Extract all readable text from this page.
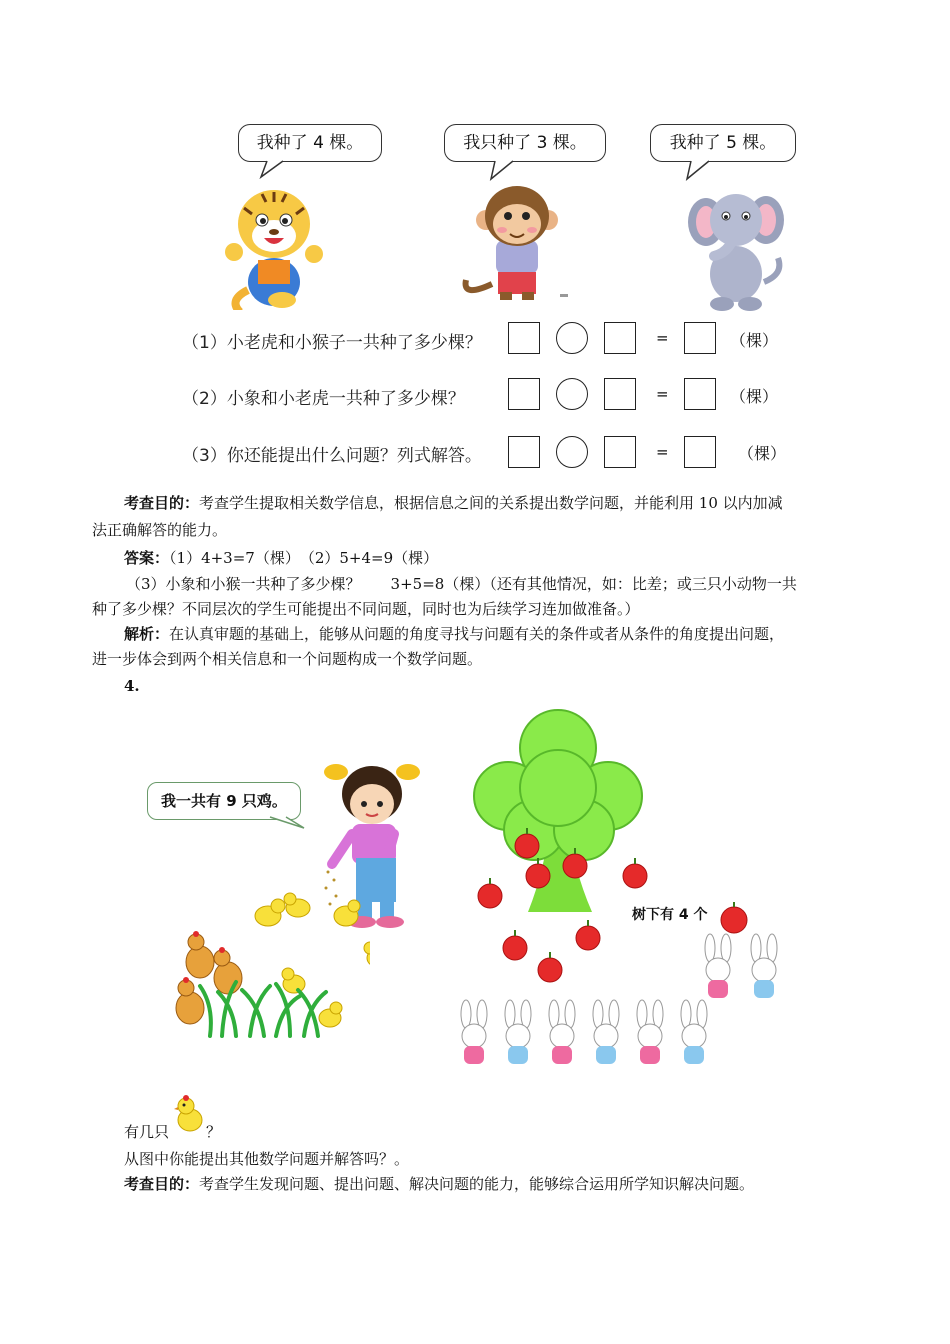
我种了 4 棵。	我只种了 3 棵。	我种了 5 棵。
（1）小老虎和小猴子一共种了多少棵？	=	（棵）
（2）小象和小老虎一共种了多少棵？	=	（棵）
（3）你还能提出什么问题？列式解答。	=	（棵）
考查目的：考查学生提取相关数学信息，根据信息之间的关系提出数学问题，并能利用 10 以内加减
法正确解答的能力。
答案：（1）4+3=7（棵）　（2）5+4=9（棵）
（3）小象和小猴一共种了多少棵？　　3+5=8（棵）（还有其他情况，如：比差；或三只小动物一共
种了多少棵？不同层次的学生可能提出不同问题，同时也为后续学习连加做准备。）
解析：在认真审题的基础上，能够从问题的角度寻找与问题有关的条件或者从条件的角度提出问题，
进一步体会到两个相关信息和一个问题构成一个数学问题。
4.
我一共有 9 只鸡。
树下有 4 个
有几只 ？
从图中你能提出其他数学问题并解答吗？。
考查目的：考查学生发现问题、提出问题、解决问题的能力，能够综合运用所学知识解决问题。
